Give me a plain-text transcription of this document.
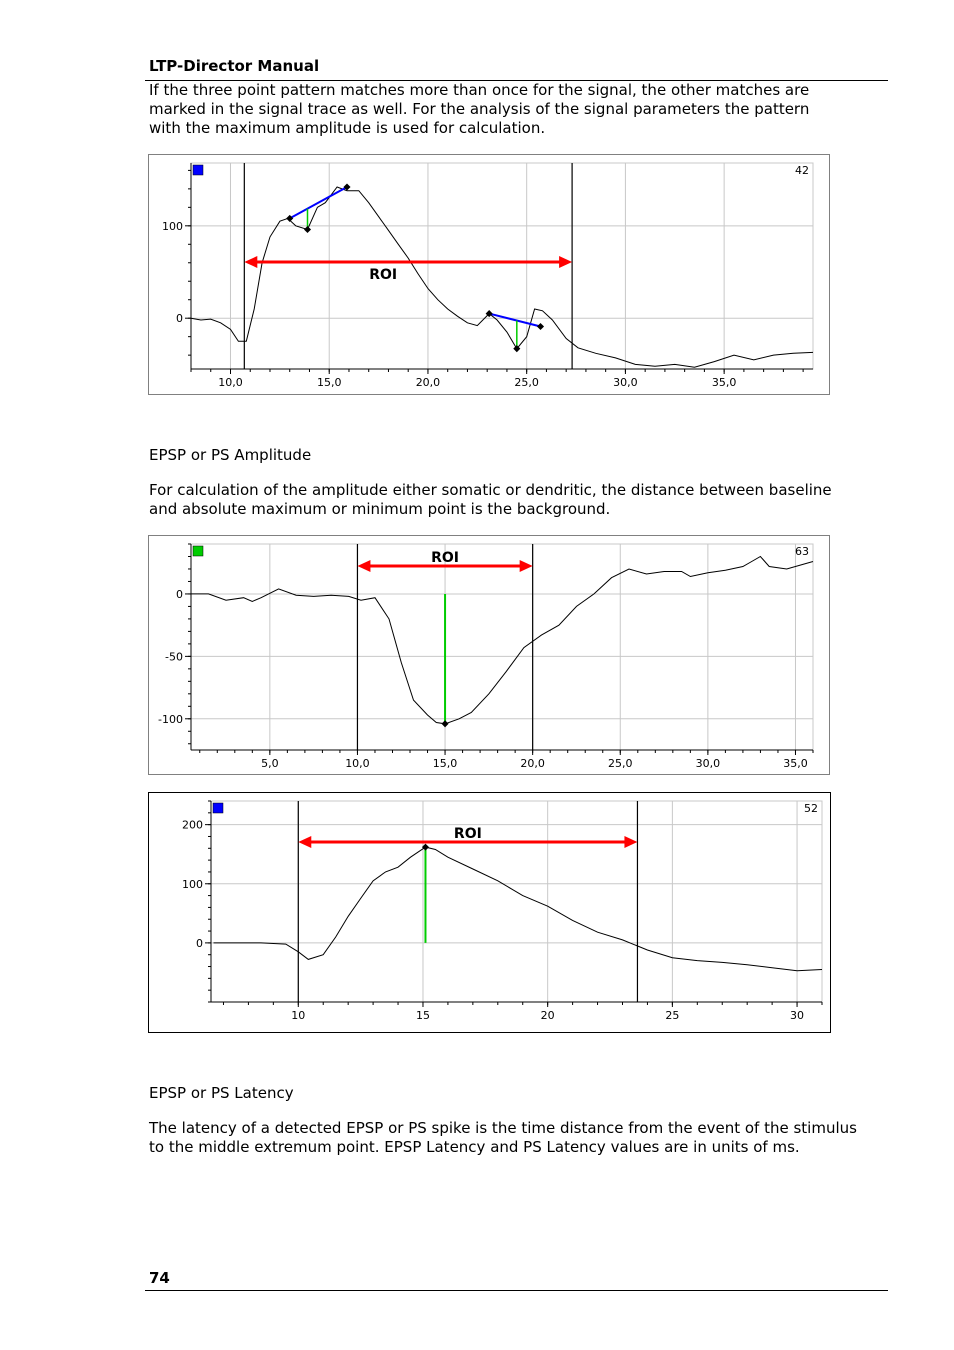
LTP-Director Manual
If the three point pattern matches more than once for the signal, the other matches are
marked in the signal trace as well. For the analysis of the signal parameters the pattern
with the maximum amplitude is used for calculation.
10,0	15,0	20,0	25,0	30,0	35,0
0
100
ROI
42
EPSP or PS Amplitude
For calculation of the amplitude either somatic or dendritic, the distance between baseline
and absolute maximum or minimum point is the background.
5,0	10,0	15,0	20,0	25,0	30,0	35,0
0
-50
-100
ROI	63
10	15	20	25	30
0
100
200
ROI
52
EPSP or PS Latency
The latency of a detected EPSP or PS spike is the time distance from the event of the stimulus
to the middle extremum point. EPSP Latency and PS Latency values are in units of ms.
74
